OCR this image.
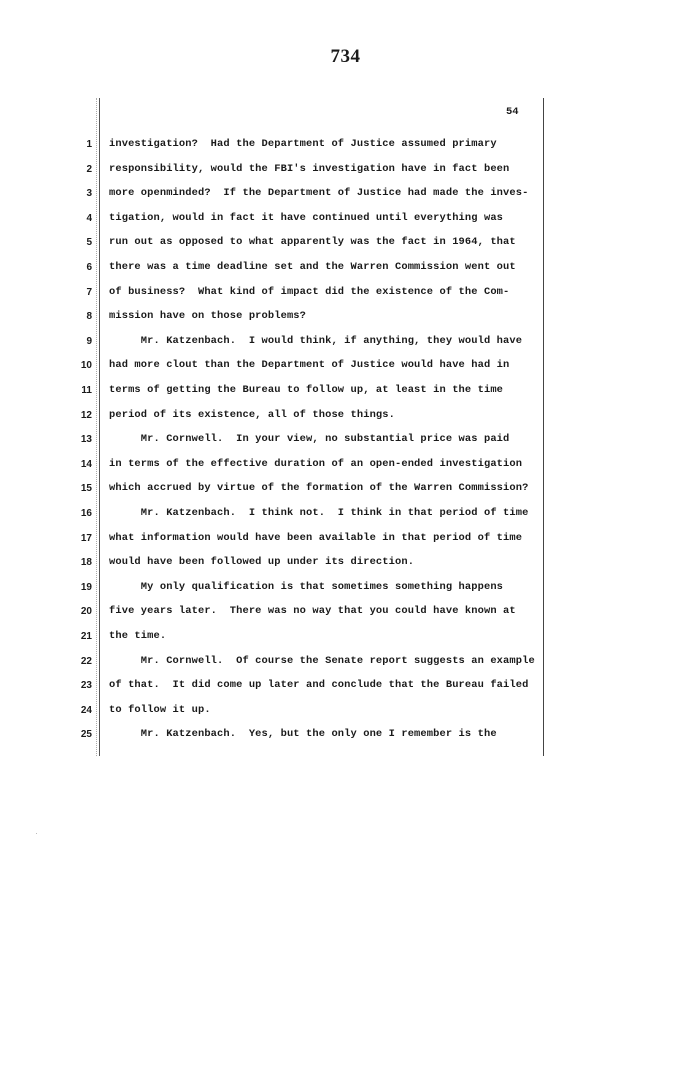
734
54
1 investigation?  Had the Department of Justice assumed primary
2 responsibility, would the FBI's investigation have in fact been
3 more openminded?  If the Department of Justice had made the inves-
4 tigation, would in fact it have continued until everything was
5 run out as opposed to what apparently was the fact in 1964, that
6 there was a time deadline set and the Warren Commission went out
7 of business?  What kind of impact did the existence of the Com-
8 mission have on those problems?
9 Mr. Katzenbach.  I would think, if anything, they would have
10 had more clout than the Department of Justice would have had in
11 terms of getting the Bureau to follow up, at least in the time
12 period of its existence, all of those things.
13 Mr. Cornwell.  In your view, no substantial price was paid
14 in terms of the effective duration of an open-ended investigation
15 which accrued by virtue of the formation of the Warren Commission?
16 Mr. Katzenbach.  I think not.  I think in that period of time
17 what information would have been available in that period of time
18 would have been followed up under its direction.
19 My only qualification is that sometimes something happens
20 five years later.  There was no way that you could have known at
21 the time.
22 Mr. Cornwell.  Of course the Senate report suggests an example
23 of that.  It did come up later and conclude that the Bureau failed
24 to follow it up.
25 Mr. Katzenbach.  Yes, but the only one I remember is the
